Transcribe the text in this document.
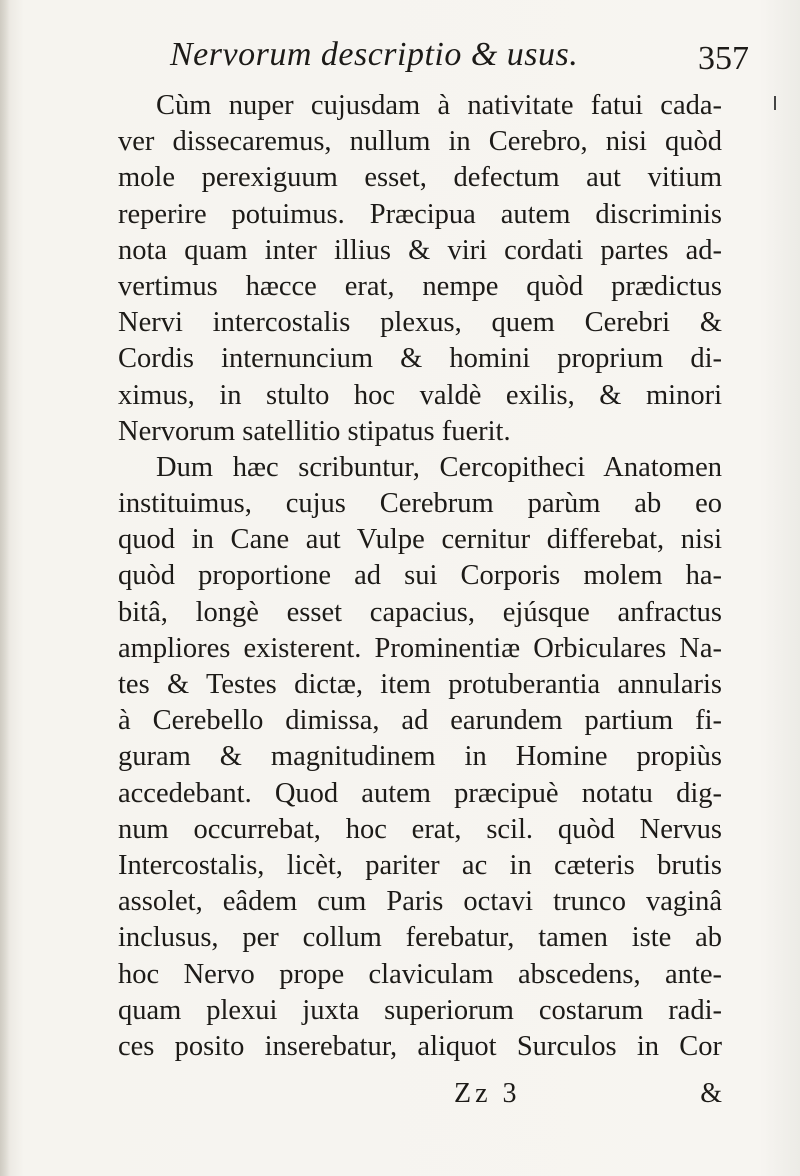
Nervorum descriptio & usus.	357
Cùm nuper cujusdam à nativitate fatui cada-
ver dissecaremus, nullum in Cerebro, nisi quòd
mole perexiguum esset, defectum aut vitium
reperire potuimus. Præcipua autem discriminis
nota quam inter illius & viri cordati partes ad-
vertimus hæcce erat, nempe quòd prædictus
Nervi intercostalis plexus, quem Cerebri &
Cordis internuncium & homini proprium di-
ximus, in stulto hoc valdè exilis, & minori
Nervorum satellitio stipatus fuerit.
Dum hæc scribuntur, Cercopitheci Anatomen
instituimus, cujus Cerebrum parùm ab eo
quod in Cane aut Vulpe cernitur differebat, nisi
quòd proportione ad sui Corporis molem ha-
bitâ, longè esset capacius, ejúsque anfractus
ampliores existerent. Prominentiæ Orbiculares Na-
tes & Testes dictæ, item protuberantia annularis
à Cerebello dimissa, ad earundem partium fi-
guram & magnitudinem in Homine propiùs
accedebant. Quod autem præcipuè notatu dig-
num occurrebat, hoc erat, scil. quòd Nervus
Intercostalis, licèt, pariter ac in cæteris brutis
assolet, eâdem cum Paris octavi trunco vaginâ
inclusus, per collum ferebatur, tamen iste ab
hoc Nervo prope claviculam abscedens, ante-
quam plexui juxta superiorum costarum radi-
ces posito inserebatur, aliquot Surculos in Cor
Zz 3	&
